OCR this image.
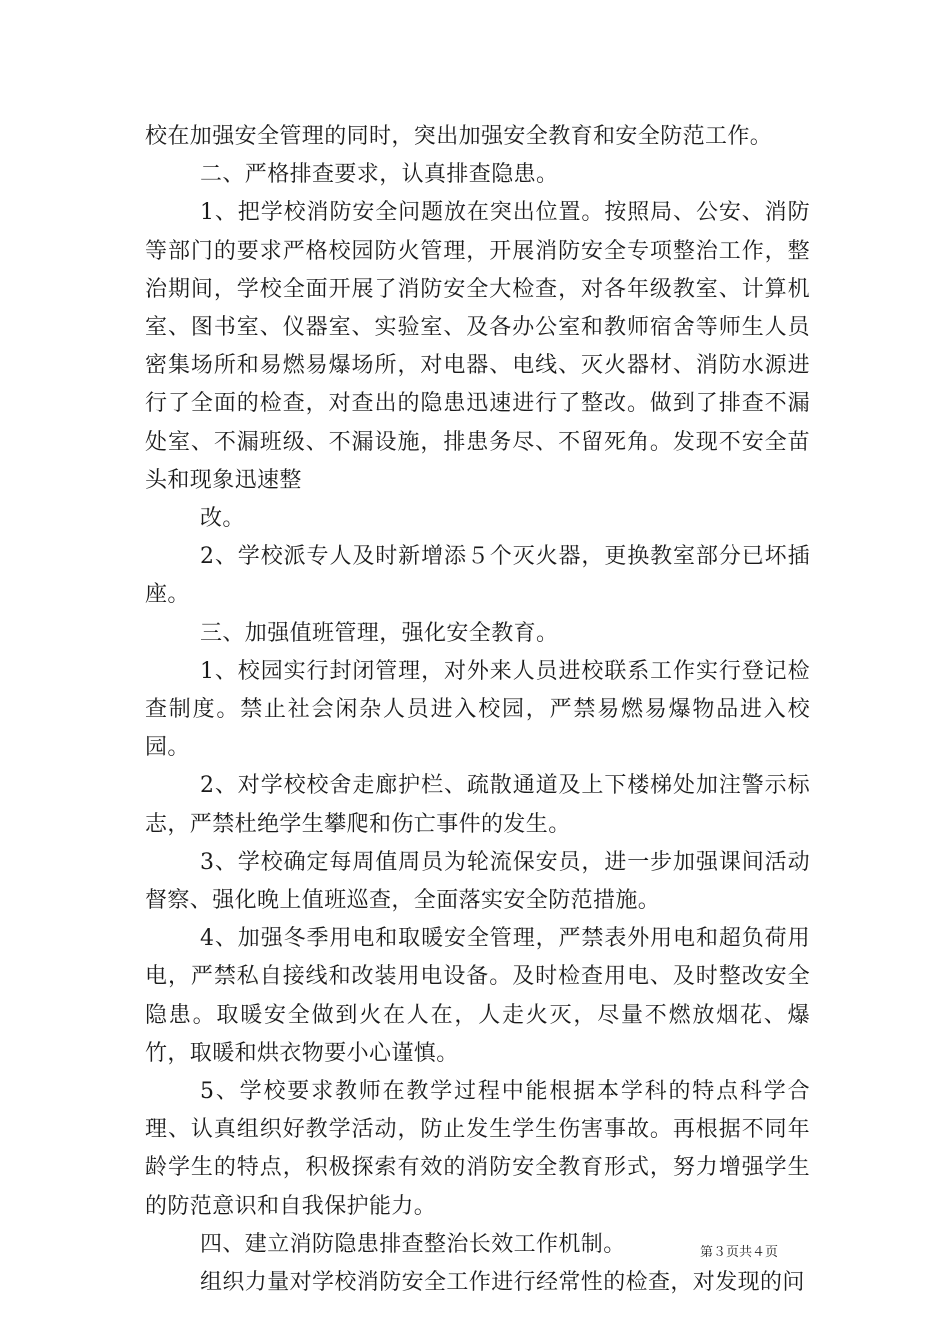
校在加强安全管理的同时，突出加强安全教育和安全防范工作。

二、严格排查要求，认真排查隐患。

1、把学校消防安全问题放在突出位置。按照局、公安、消防等部门的要求严格校园防火管理，开展消防安全专项整治工作，整治期间，学校全面开展了消防安全大检查，对各年级教室、计算机室、图书室、仪器室、实验室、及各办公室和教师宿舍等师生人员密集场所和易燃易爆场所，对电器、电线、灭火器材、消防水源进行了全面的检查，对查出的隐患迅速进行了整改。做到了排查不漏处室、不漏班级、不漏设施，排患务尽、不留死角。发现不安全苗头和现象迅速整

改。

2、学校派专人及时新增添５个灭火器，更换教室部分已坏插座。

三、加强值班管理，强化安全教育。

1、校园实行封闭管理，对外来人员进校联系工作实行登记检查制度。禁止社会闲杂人员进入校园，严禁易燃易爆物品进入校园。

2、对学校校舍走廊护栏、疏散通道及上下楼梯处加注警示标志，严禁杜绝学生攀爬和伤亡事件的发生。

3、学校确定每周值周员为轮流保安员，进一步加强课间活动督察、强化晚上值班巡查，全面落实安全防范措施。

4、加强冬季用电和取暖安全管理，严禁表外用电和超负荷用电，严禁私自接线和改装用电设备。及时检查用电、及时整改安全隐患。取暖安全做到火在人在，人走火灭，尽量不燃放烟花、爆竹，取暖和烘衣物要小心谨慎。

5、学校要求教师在教学过程中能根据本学科的特点科学合理、认真组织好教学活动，防止发生学生伤害事故。再根据不同年龄学生的特点，积极探索有效的消防安全教育形式，努力增强学生的防范意识和自我保护能力。

四、建立消防隐患排查整治长效工作机制。

组织力量对学校消防安全工作进行经常性的检查，对发现的问

第３页共４页
